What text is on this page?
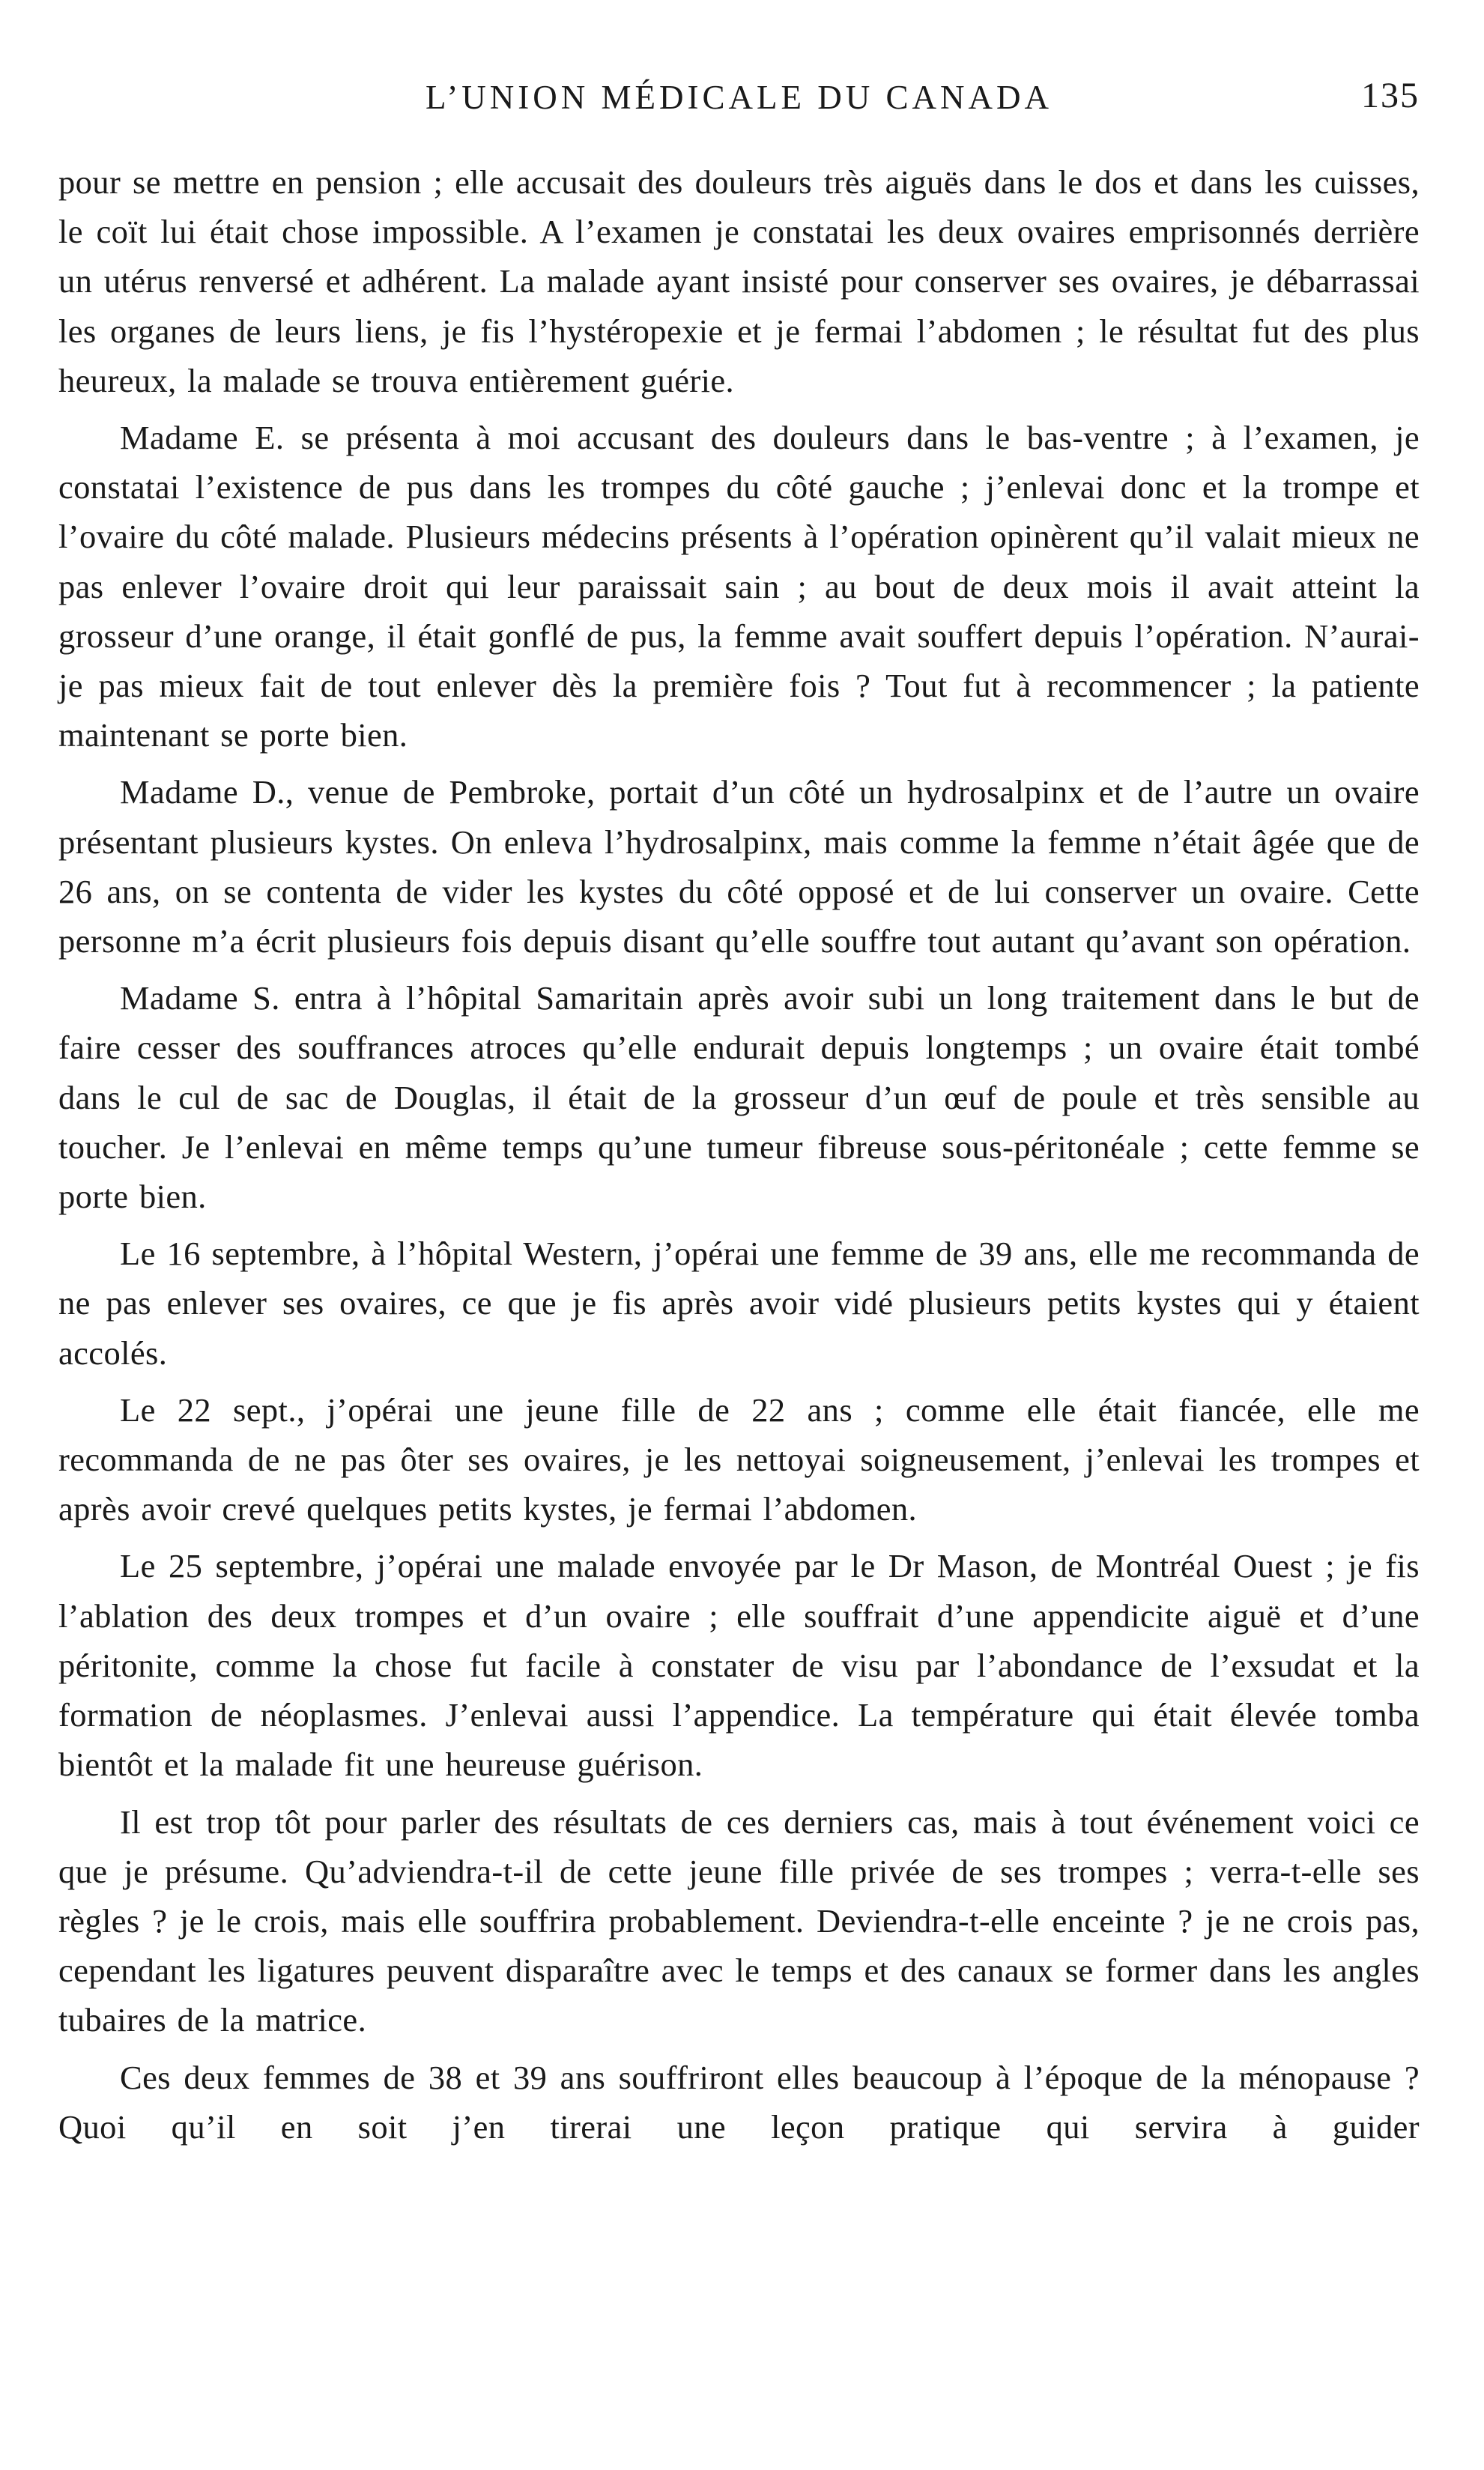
L’UNION MÉDICALE DU CANADA	135

pour se mettre en pension ; elle accusait des douleurs très aiguës dans le dos et dans les cuisses, le coït lui était chose impossible. A l’examen je constatai les deux ovaires emprisonnés derrière un utérus renversé et adhérent. La malade ayant insisté pour conserver ses ovaires, je débarrassai les organes de leurs liens, je fis l’hystéropexie et je fermai l’abdomen ; le résultat fut des plus heureux, la malade se trouva entièrement guérie.

Madame E. se présenta à moi accusant des douleurs dans le bas-ventre ; à l’examen, je constatai l’existence de pus dans les trompes du côté gauche ; j’enlevai donc et la trompe et l’ovaire du côté malade. Plusieurs médecins présents à l’opération opinèrent qu’il valait mieux ne pas enlever l’ovaire droit qui leur paraissait sain ; au bout de deux mois il avait atteint la grosseur d’une orange, il était gonflé de pus, la femme avait souffert depuis l’opération. N’aurai-je pas mieux fait de tout enlever dès la première fois ? Tout fut à recommencer ; la patiente maintenant se porte bien.

Madame D., venue de Pembroke, portait d’un côté un hydrosalpinx et de l’autre un ovaire présentant plusieurs kystes. On enleva l’hydrosalpinx, mais comme la femme n’était âgée que de 26 ans, on se contenta de vider les kystes du côté opposé et de lui conserver un ovaire. Cette personne m’a écrit plusieurs fois depuis disant qu’elle souffre tout autant qu’avant son opération.

Madame S. entra à l’hôpital Samaritain après avoir subi un long traitement dans le but de faire cesser des souffrances atroces qu’elle endurait depuis longtemps ; un ovaire était tombé dans le cul de sac de Douglas, il était de la grosseur d’un œuf de poule et très sensible au toucher. Je l’enlevai en même temps qu’une tumeur fibreuse sous-péritonéale ; cette femme se porte bien.

Le 16 septembre, à l’hôpital Western, j’opérai une femme de 39 ans, elle me recommanda de ne pas enlever ses ovaires, ce que je fis après avoir vidé plusieurs petits kystes qui y étaient accolés.

Le 22 sept., j’opérai une jeune fille de 22 ans ; comme elle était fiancée, elle me recommanda de ne pas ôter ses ovaires, je les nettoyai soigneusement, j’enlevai les trompes et après avoir crevé quelques petits kystes, je fermai l’abdomen.

Le 25 septembre, j’opérai une malade envoyée par le Dr Mason, de Montréal Ouest ; je fis l’ablation des deux trompes et d’un ovaire ; elle souffrait d’une appendicite aiguë et d’une péritonite, comme la chose fut facile à constater de visu par l’abondance de l’exsudat et la formation de néoplasmes. J’enlevai aussi l’appendice. La température qui était élevée tomba bientôt et la malade fit une heureuse guérison.

Il est trop tôt pour parler des résultats de ces derniers cas, mais à tout événement voici ce que je présume. Qu’adviendra-t-il de cette jeune fille privée de ses trompes ; verra-t-elle ses règles ? je le crois, mais elle souffrira probablement. Deviendra-t-elle enceinte ? je ne crois pas, cependant les ligatures peuvent disparaître avec le temps et des canaux se former dans les angles tubaires de la matrice.

Ces deux femmes de 38 et 39 ans souffriront elles beaucoup à l’époque de la ménopause ? Quoi qu’il en soit j’en tirerai une leçon pratique qui servira à guider
